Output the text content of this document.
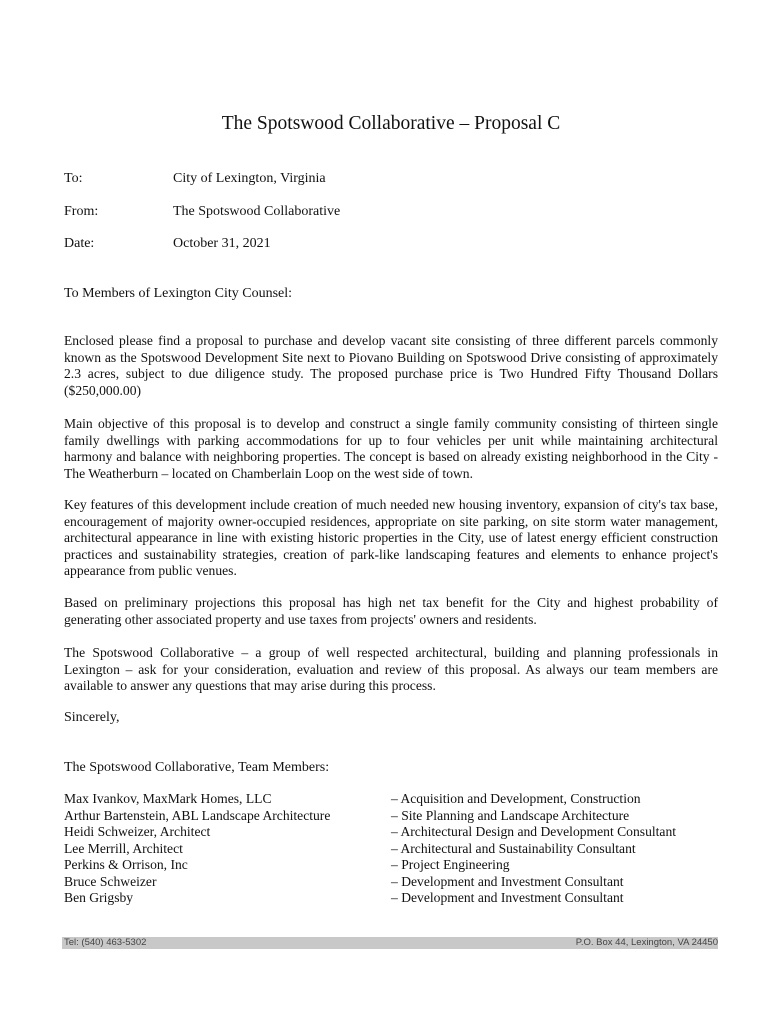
The Spotswood Collaborative – Proposal C
To:	City of Lexington, Virginia
From:	The Spotswood Collaborative
Date:	October 31, 2021
To Members of Lexington City Counsel:

Enclosed please find a proposal to purchase and develop vacant site consisting of three different parcels commonly known as the Spotswood Development Site next to Piovano Building on Spotswood Drive consisting of approximately 2.3 acres, subject to due diligence study. The proposed purchase price is Two Hundred Fifty Thousand Dollars ($250,000.00)

Main objective of this proposal is to develop and construct a single family community consisting of thirteen single family dwellings with parking accommodations for up to four vehicles per unit while maintaining architectural harmony and balance with neighboring properties. The concept is based on already existing neighborhood in the City - The Weatherburn – located on Chamberlain Loop on the west side of town.

Key features of this development include creation of much needed new housing inventory, expansion of city's tax base, encouragement of majority owner-occupied residences, appropriate on site parking, on site storm water management, architectural appearance in line with existing historic properties in the City, use of latest energy efficient construction practices and sustainability strategies, creation of park-like landscaping features and elements to enhance project's appearance from public venues.

Based on preliminary projections this proposal has high net tax benefit for the City and highest probability of generating other associated property and use taxes from projects' owners and residents.

The Spotswood Collaborative – a group of well respected architectural, building and planning professionals in Lexington – ask for your consideration, evaluation and review of this proposal. As always our team members are available to answer any questions that may arise during this process.

Sincerely,
The Spotswood Collaborative, Team Members:
Max Ivankov, MaxMark Homes, LLC	– Acquisition and Development, Construction
Arthur Bartenstein, ABL Landscape Architecture	– Site Planning and Landscape Architecture
Heidi Schweizer, Architect	– Architectural Design and Development Consultant
Lee Merrill, Architect	– Architectural and Sustainability Consultant
Perkins & Orrison, Inc	– Project Engineering
Bruce Schweizer	– Development and Investment Consultant
Ben Grigsby	– Development and Investment Consultant
Tel: (540) 463-5302	P.O. Box 44, Lexington, VA 24450
